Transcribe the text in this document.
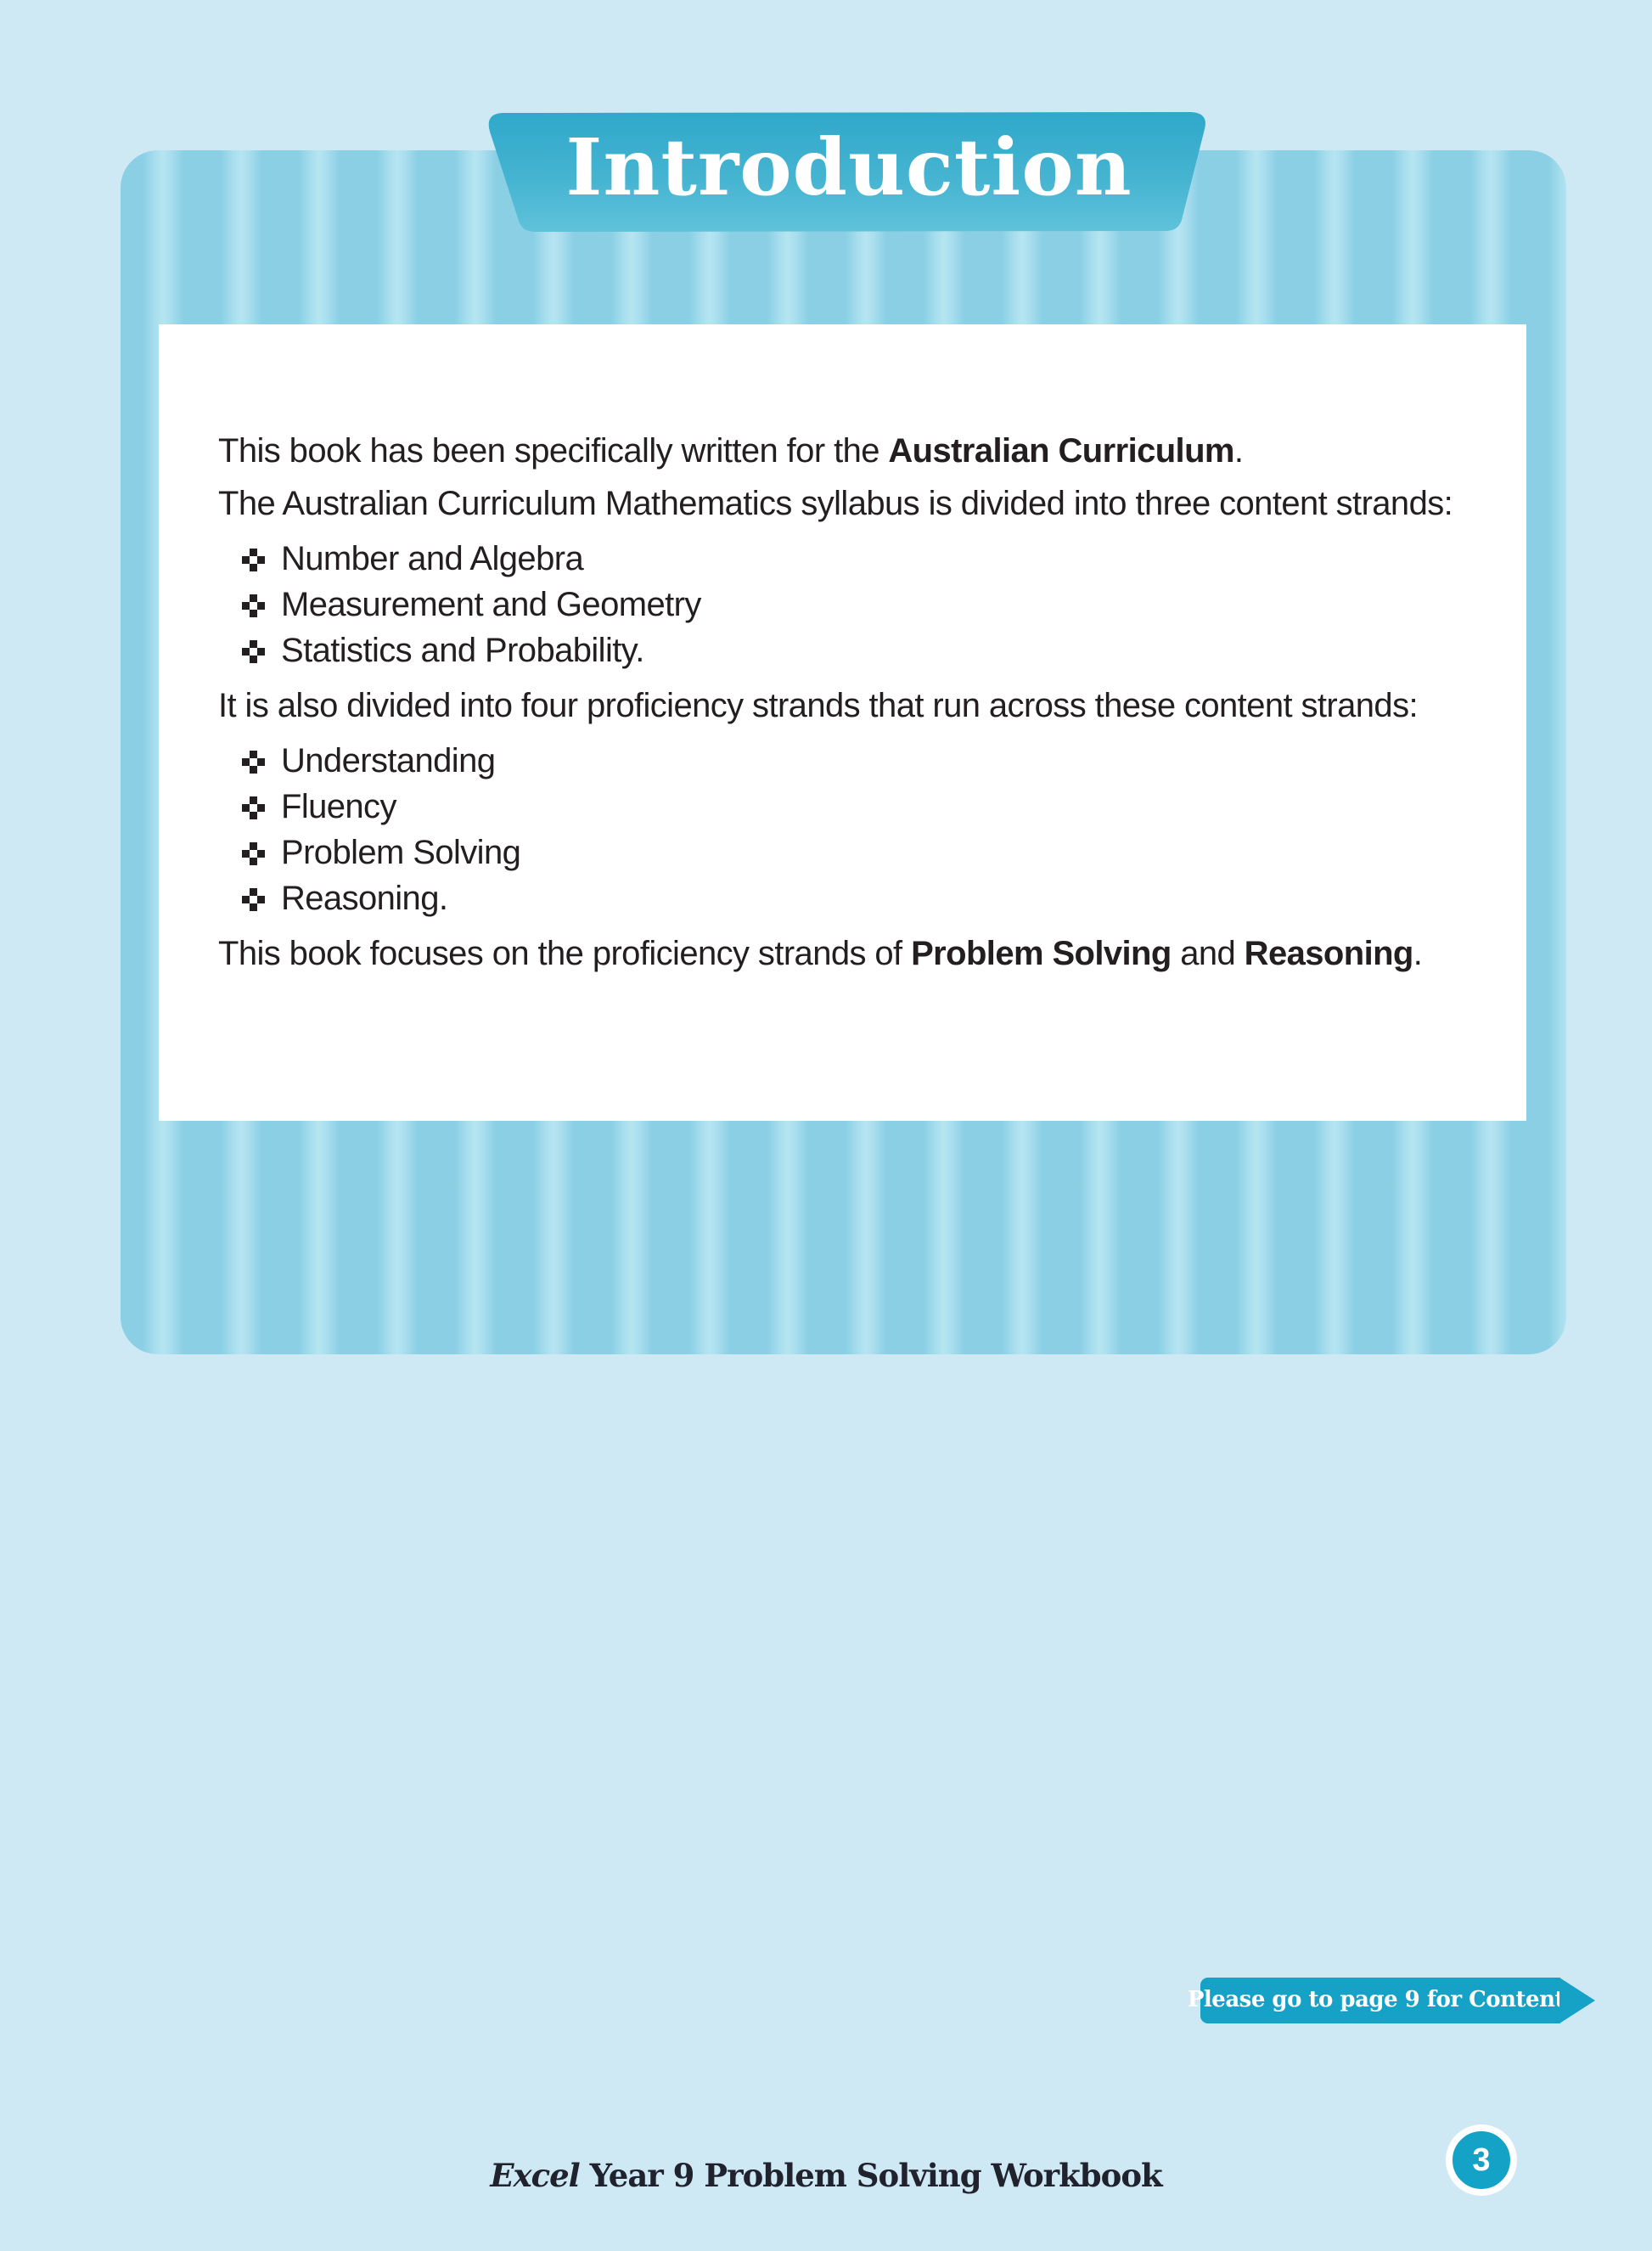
Introduction

This book has been specifically written for the Australian Curriculum.

The Australian Curriculum Mathematics syllabus is divided into three content strands:

Number and Algebra
Measurement and Geometry
Statistics and Probability.

It is also divided into four proficiency strands that run across these content strands:

Understanding
Fluency
Problem Solving
Reasoning.

This book focuses on the proficiency strands of Problem Solving and Reasoning.

Please go to page 9 for Contents
Excel Year 9 Problem Solving Workbook	3
